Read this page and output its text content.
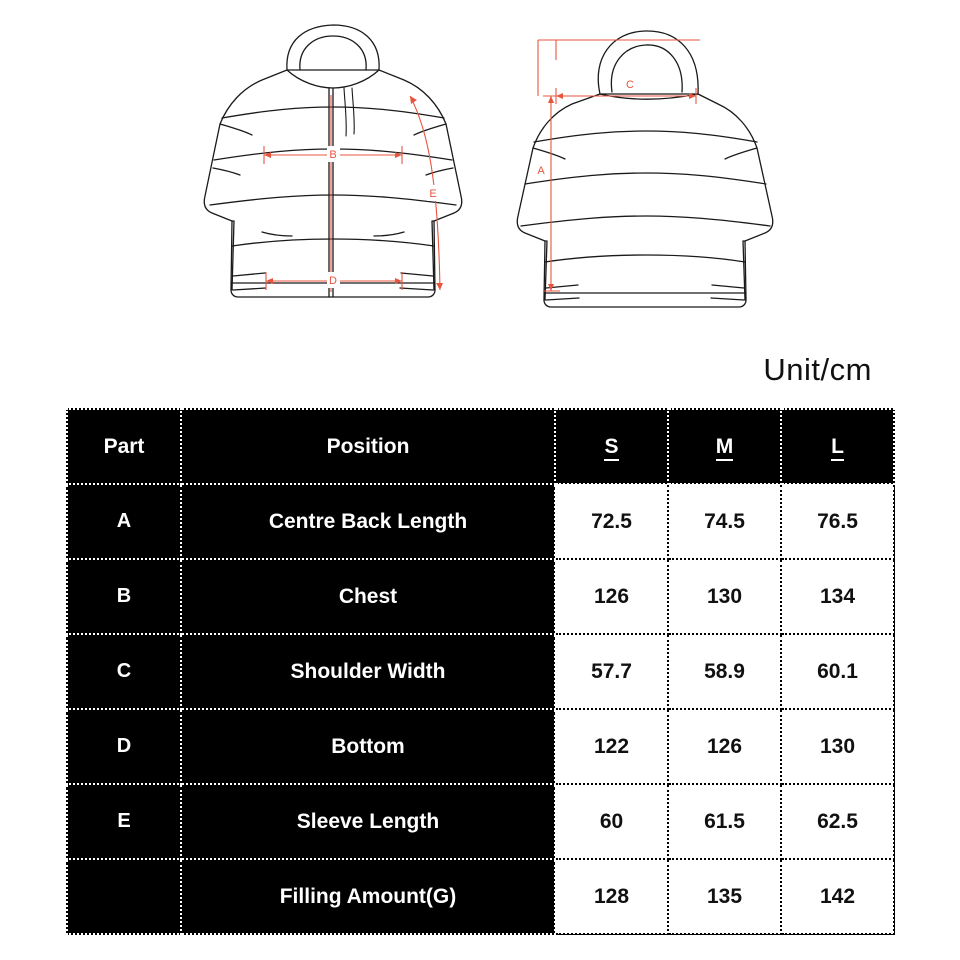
B
D
E
A
C
Unit/cm
Part	Position	S	M	L
A	Centre Back Length	72.5	74.5	76.5
B	Chest	126	130	134
C	Shoulder Width	57.7	58.9	60.1
D	Bottom	122	126	130
E	Sleeve Length	60	61.5	62.5
	Filling Amount(G)	128	135	142
